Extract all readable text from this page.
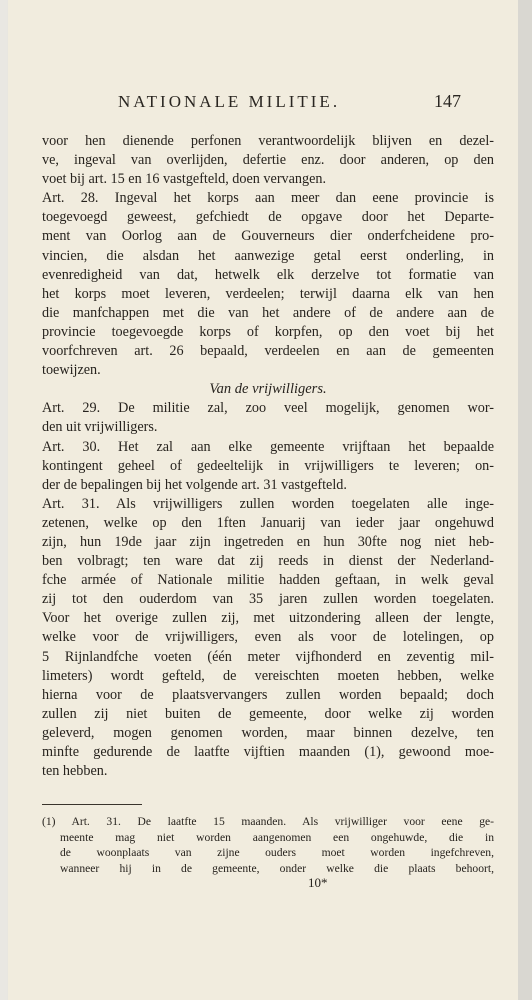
NATIONALE MILITIE.	147

voor hen dienende perfonen verantwoordelijk blijven en dezel-
ve, ingeval van overlijden, defertie enz. door anderen, op den
voet bij art. 15 en 16 vastgefteld, doen vervangen.

Art. 28. Ingeval het korps aan meer dan eene provincie is
toegevoegd geweest, gefchiedt de opgave door het Departe-
ment van Oorlog aan de Gouverneurs dier onderfcheidene pro-
vincien, die alsdan het aanwezige getal eerst onderling, in
evenredigheid van dat, hetwelk elk derzelve tot formatie van
het korps moet leveren, verdeelen; terwijl daarna elk van hen
die manfchappen met die van het andere of de andere aan de
provincie toegevoegde korps of korpfen, op den voet bij het
voorfchreven art. 26 bepaald, verdeelen en aan de gemeenten
toewijzen.

Van de vrijwilligers.

Art. 29. De militie zal, zoo veel mogelijk, genomen wor-
den uit vrijwilligers.

Art. 30. Het zal aan elke gemeente vrijftaan het bepaalde
kontingent geheel of gedeeltelijk in vrijwilligers te leveren; on-
der de bepalingen bij het volgende art. 31 vastgefteld.

Art. 31. Als vrijwilligers zullen worden toegelaten alle inge-
zetenen, welke op den 1ften Januarij van ieder jaar ongehuwd
zijn, hun 19de jaar zijn ingetreden en hun 30fte nog niet heb-
ben volbragt; ten ware dat zij reeds in dienst der Nederland-
fche armée of Nationale militie hadden geftaan, in welk geval
zij tot den ouderdom van 35 jaren zullen worden toegelaten.
Voor het overige zullen zij, met uitzondering alleen der lengte,
welke voor de vrijwilligers, even als voor de lotelingen, op
5 Rijnlandfche voeten (één meter vijfhonderd en zeventig mil-
limeters) wordt gefteld, de vereischten moeten hebben, welke
hierna voor de plaatsvervangers zullen worden bepaald; doch
zullen zij niet buiten de gemeente, door welke zij worden
geleverd, mogen genomen worden, maar binnen dezelve, ten
minfte gedurende de laatfte vijftien maanden (1), gewoond moe-
ten hebben.

(1) Art. 31. De laatfte 15 maanden. Als vrijwilliger voor eene ge-
meente mag niet worden aangenomen een ongehuwde, die in
de woonplaats van zijne ouders moet worden ingefchreven,
wanneer hij in de gemeente, onder welke die plaats behoort,
10*
